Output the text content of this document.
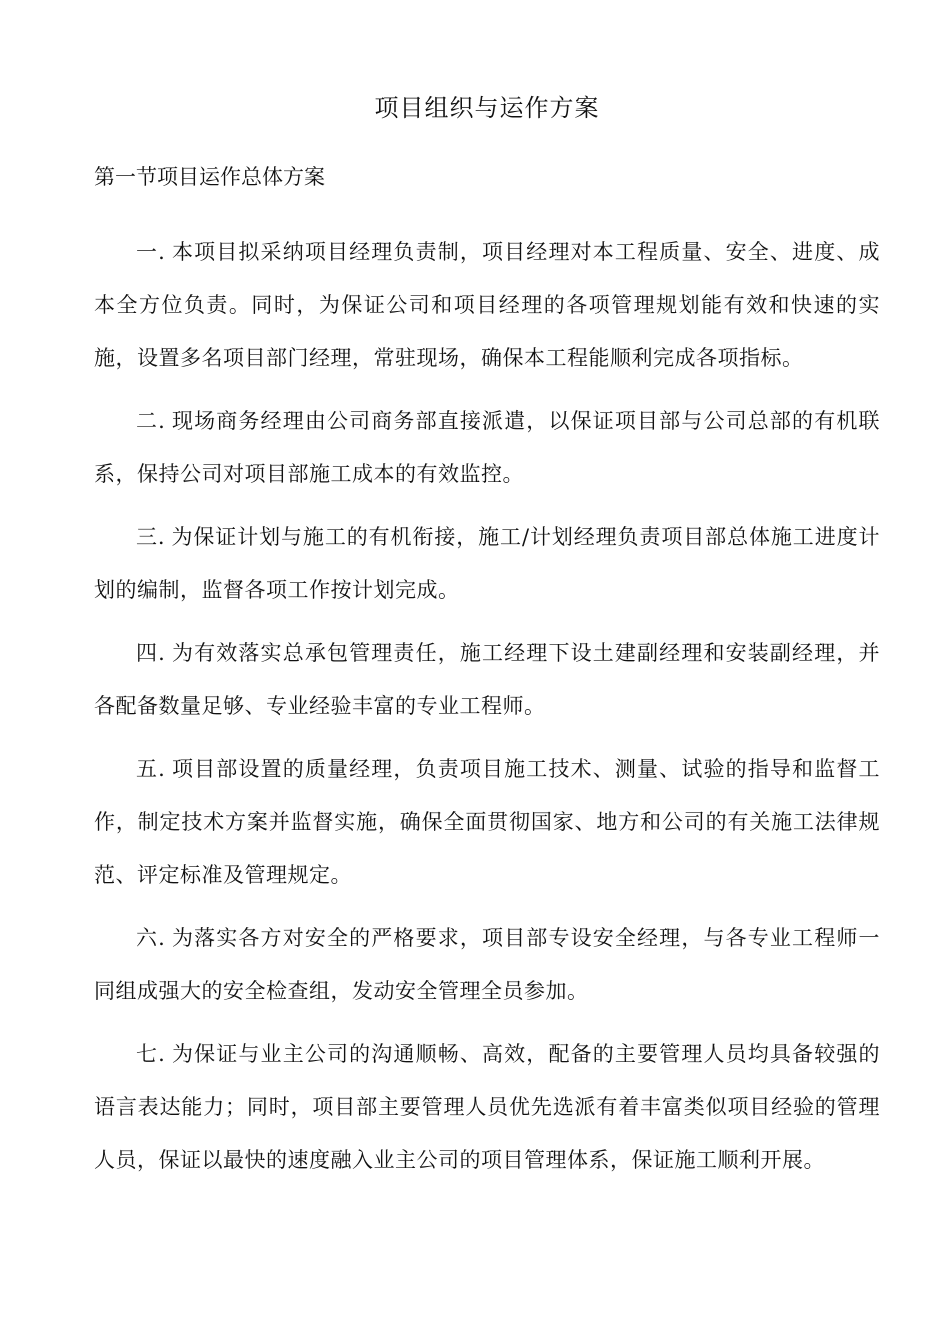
项目组织与运作方案
第一节项目运作总体方案

一. 本项目拟采纳项目经理负责制，项目经理对本工程质量、安全、进度、成本全方位负责。同时，为保证公司和项目经理的各项管理规划能有效和快速的实施，设置多名项目部门经理，常驻现场，确保本工程能顺利完成各项指标。

二. 现场商务经理由公司商务部直接派遣，以保证项目部与公司总部的有机联系，保持公司对项目部施工成本的有效监控。

三. 为保证计划与施工的有机衔接，施工/计划经理负责项目部总体施工进度计划的编制，监督各项工作按计划完成。

四. 为有效落实总承包管理责任，施工经理下设土建副经理和安装副经理，并各配备数量足够、专业经验丰富的专业工程师。

五. 项目部设置的质量经理，负责项目施工技术、测量、试验的指导和监督工作，制定技术方案并监督实施，确保全面贯彻国家、地方和公司的有关施工法律规范、评定标准及管理规定。

六. 为落实各方对安全的严格要求，项目部专设安全经理，与各专业工程师一同组成强大的安全检查组，发动安全管理全员参加。

七. 为保证与业主公司的沟通顺畅、高效，配备的主要管理人员均具备较强的语言表达能力；同时，项目部主要管理人员优先选派有着丰富类似项目经验的管理人员，保证以最快的速度融入业主公司的项目管理体系，保证施工顺利开展。
